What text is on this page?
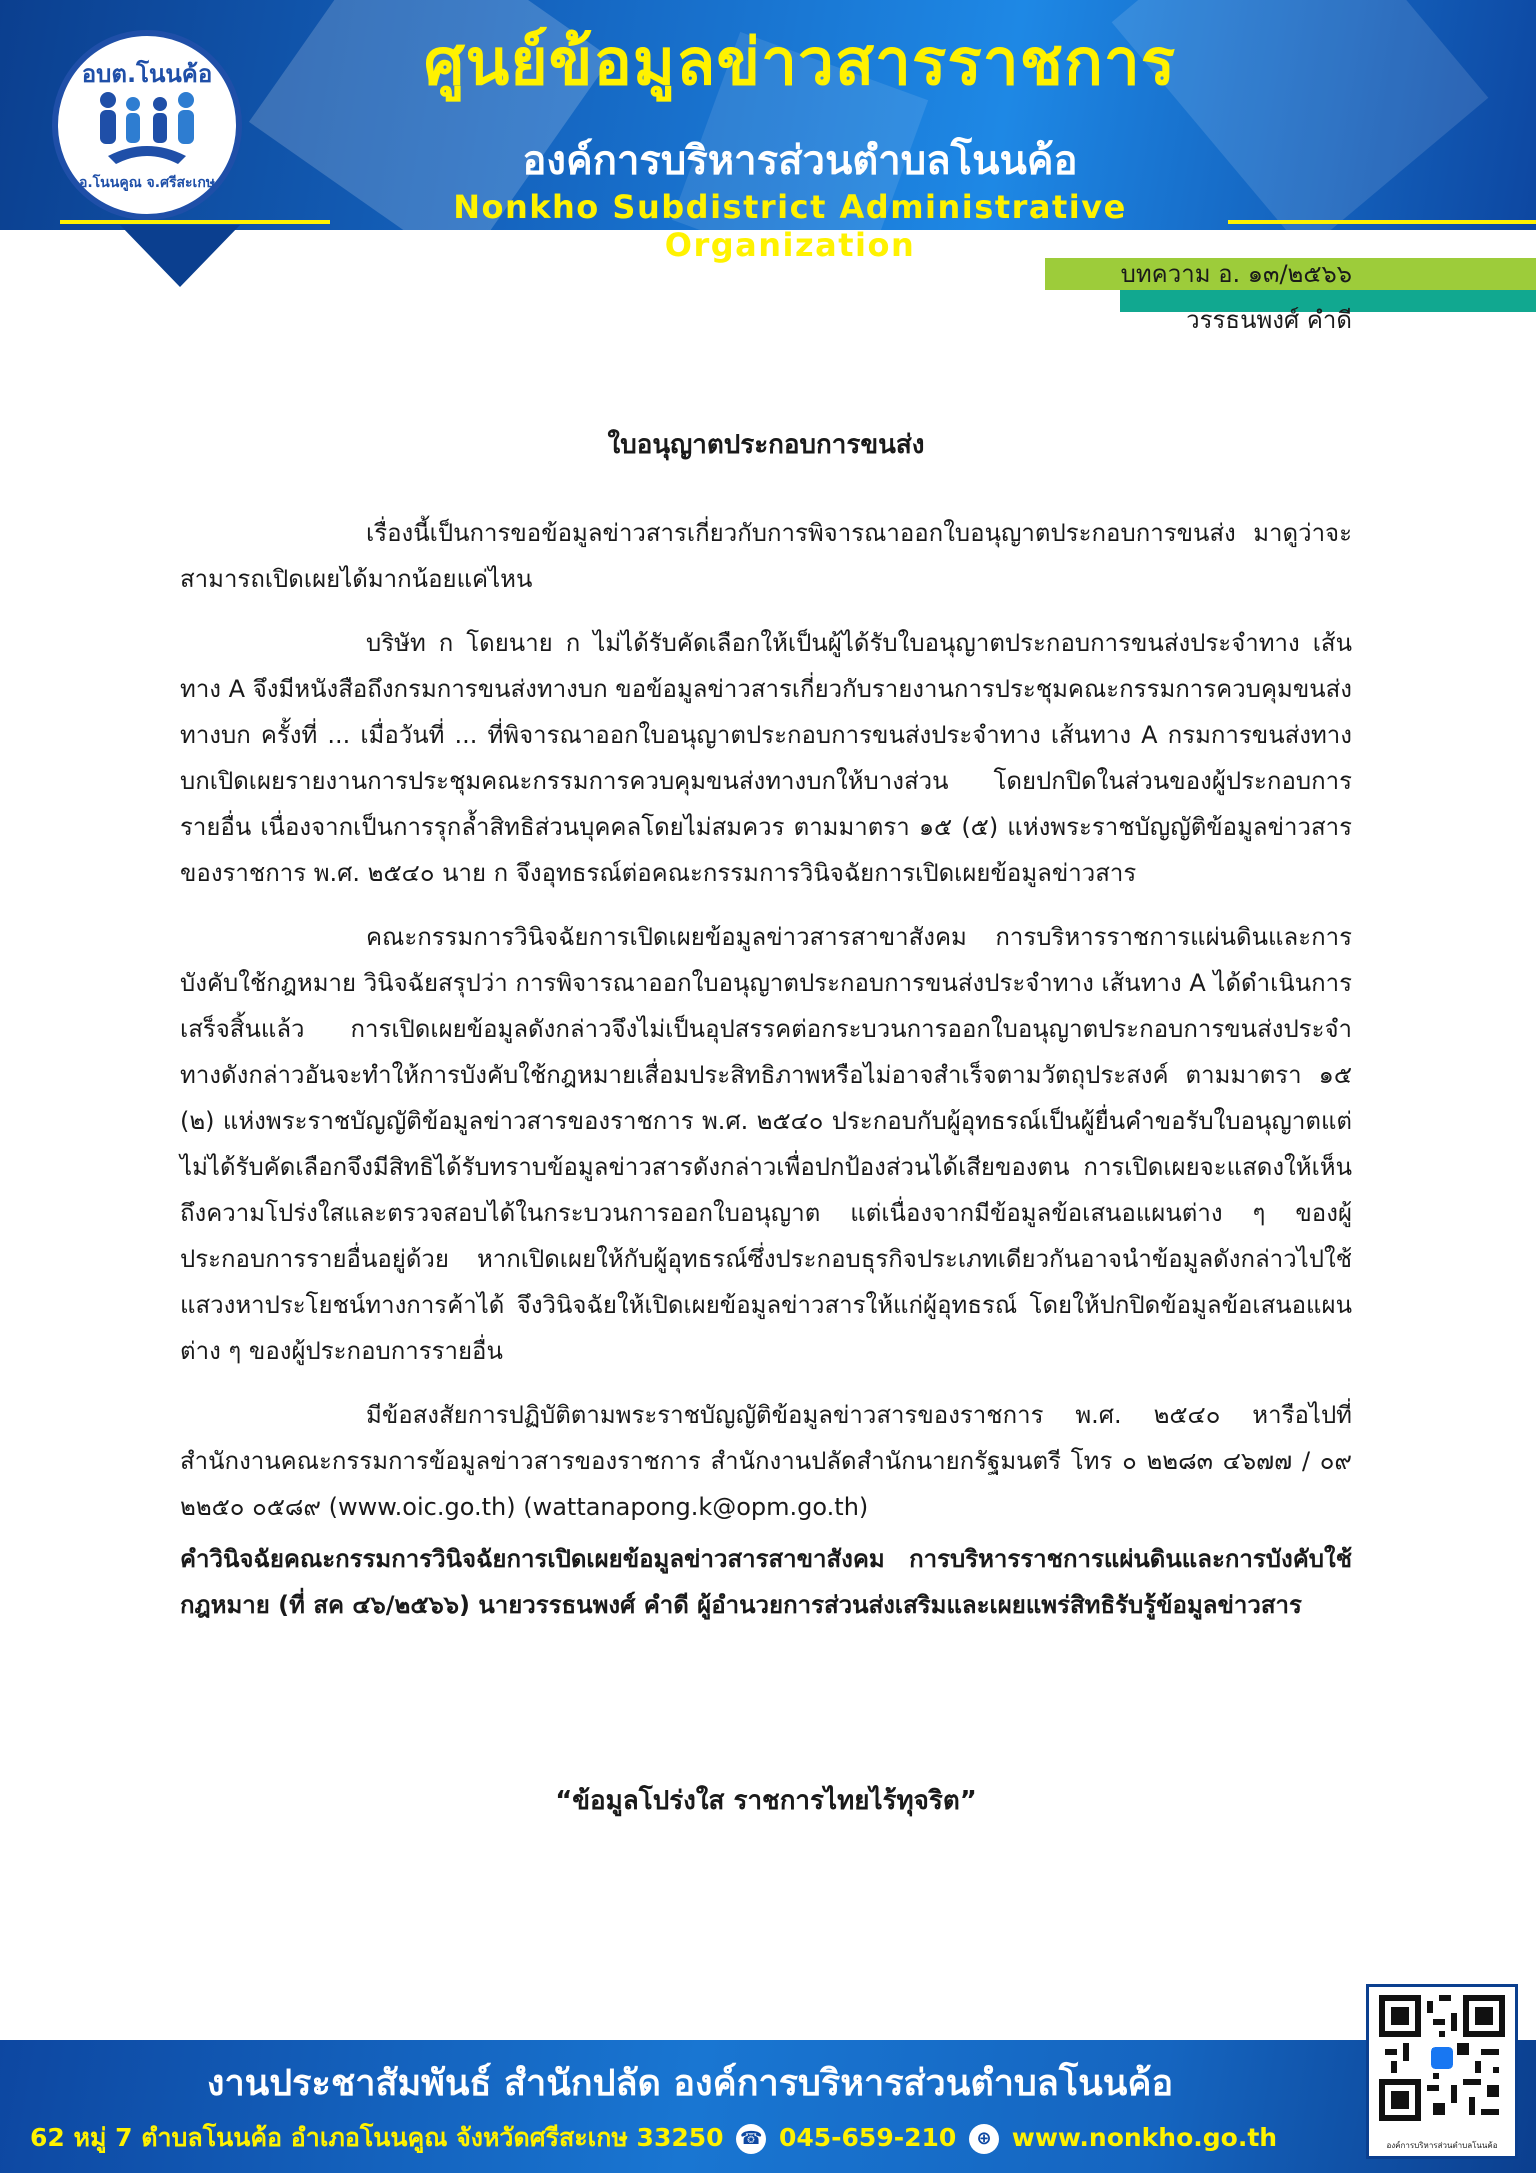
ศูนย์ข้อมูลข่าวสารราชการ
องค์การบริหารส่วนตำบลโนนค้อ
Nonkho Subdistrict Administrative Organization
อบต.โนนค้อ
อ.โนนคูณ จ.ศรีสะเกษ
บทความ อ. ๑๓/๒๕๖๖
วรรธนพงศ์ คำดี
ใบอนุญาตประกอบการขนส่ง

เรื่องนี้เป็นการขอข้อมูลข่าวสารเกี่ยวกับการพิจารณาออกใบอนุญาตประกอบการขนส่ง มาดูว่าจะสามารถเปิดเผยได้มากน้อยแค่ไหน

บริษัท ก โดยนาย ก ไม่ได้รับคัดเลือกให้เป็นผู้ได้รับใบอนุญาตประกอบการขนส่งประจำทาง เส้นทาง A จึงมีหนังสือถึงกรมการขนส่งทางบก ขอข้อมูลข่าวสารเกี่ยวกับรายงานการประชุมคณะกรรมการควบคุมขนส่งทางบก ครั้งที่ ... เมื่อวันที่ ... ที่พิจารณาออกใบอนุญาตประกอบการขนส่งประจำทาง เส้นทาง A กรมการขนส่งทางบกเปิดเผยรายงานการประชุมคณะกรรมการควบคุมขนส่งทางบกให้บางส่วน โดยปกปิดในส่วนของผู้ประกอบการรายอื่น เนื่องจากเป็นการรุกล้ำสิทธิส่วนบุคคลโดยไม่สมควร ตามมาตรา ๑๕ (๕) แห่งพระราชบัญญัติข้อมูลข่าวสารของราชการ พ.ศ. ๒๕๔๐ นาย ก จึงอุทธรณ์ต่อคณะกรรมการวินิจฉัยการเปิดเผยข้อมูลข่าวสาร

คณะกรรมการวินิจฉัยการเปิดเผยข้อมูลข่าวสารสาขาสังคม การบริหารราชการแผ่นดินและการบังคับใช้กฎหมาย วินิจฉัยสรุปว่า การพิจารณาออกใบอนุญาตประกอบการขนส่งประจำทาง เส้นทาง A ได้ดำเนินการเสร็จสิ้นแล้ว การเปิดเผยข้อมูลดังกล่าวจึงไม่เป็นอุปสรรคต่อกระบวนการออกใบอนุญาตประกอบการขนส่งประจำทางดังกล่าวอันจะทำให้การบังคับใช้กฎหมายเสื่อมประสิทธิภาพหรือไม่อาจสำเร็จตามวัตถุประสงค์ ตามมาตรา ๑๕ (๒) แห่งพระราชบัญญัติข้อมูลข่าวสารของราชการ พ.ศ. ๒๕๔๐ ประกอบกับผู้อุทธรณ์เป็นผู้ยื่นคำขอรับใบอนุญาตแต่ไม่ได้รับคัดเลือกจึงมีสิทธิได้รับทราบข้อมูลข่าวสารดังกล่าวเพื่อปกป้องส่วนได้เสียของตน การเปิดเผยจะแสดงให้เห็นถึงความโปร่งใสและตรวจสอบได้ในกระบวนการออกใบอนุญาต แต่เนื่องจากมีข้อมูลข้อเสนอแผนต่าง ๆ ของผู้ประกอบการรายอื่นอยู่ด้วย หากเปิดเผยให้กับผู้อุทธรณ์ซึ่งประกอบธุรกิจประเภทเดียวกันอาจนำข้อมูลดังกล่าวไปใช้แสวงหาประโยชน์ทางการค้าได้ จึงวินิจฉัยให้เปิดเผยข้อมูลข่าวสารให้แก่ผู้อุทธรณ์ โดยให้ปกปิดข้อมูลข้อเสนอแผนต่าง ๆ ของผู้ประกอบการรายอื่น

มีข้อสงสัยการปฏิบัติตามพระราชบัญญัติข้อมูลข่าวสารของราชการ พ.ศ. ๒๕๔๐ หารือไปที่สำนักงานคณะกรรมการข้อมูลข่าวสารของราชการ สำนักงานปลัดสำนักนายกรัฐมนตรี โทร ๐ ๒๒๘๓ ๔๖๗๗ / ๐๙ ๒๒๕๐ ๐๕๘๙ (www.oic.go.th) (wattanapong.k@opm.go.th)

คำวินิจฉัยคณะกรรมการวินิจฉัยการเปิดเผยข้อมูลข่าวสารสาขาสังคม การบริหารราชการแผ่นดินและการบังคับใช้กฎหมาย (ที่ สค ๔๖/๒๕๖๖) นายวรรธนพงศ์ คำดี ผู้อำนวยการส่วนส่งเสริมและเผยแพร่สิทธิรับรู้ข้อมูลข่าวสาร

“ข้อมูลโปร่งใส ราชการไทยไร้ทุจริต”
งานประชาสัมพันธ์ สำนักปลัด องค์การบริหารส่วนตำบลโนนค้อ
62 หมู่ 7 ตำบลโนนค้อ อำเภอโนนคูณ จังหวัดศรีสะเกษ 33250 ☎ 045-659-210 ⊕ www.nonkho.go.th	องค์การบริหารส่วนตำบลโนนค้อ
